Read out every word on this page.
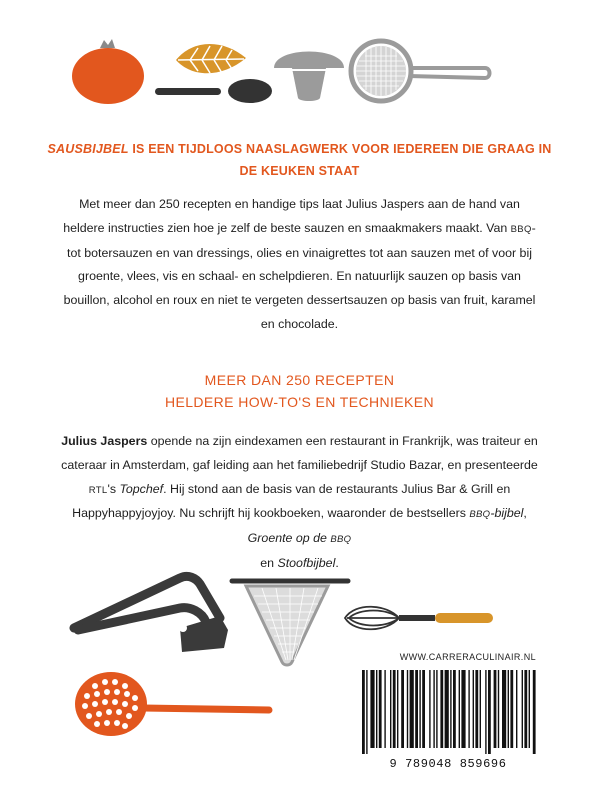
SAUSBIJBEL IS EEN TIJDLOOS NAASLAGWERK VOOR IEDEREEN DIE GRAAG IN DE KEUKEN STAAT
Met meer dan 250 recepten en handige tips laat Julius Jaspers aan de hand van heldere instructies zien hoe je zelf de beste sauzen en smaakmakers maakt. Van BBQ- tot botersauzen en van dressings, olies en vinaigrettes tot aan sauzen met of voor bij groente, vlees, vis en schaal- en schelpdieren. En natuurlijk sauzen op basis van bouillon, alcohol en roux en niet te vergeten dessertsauzen op basis van fruit, karamel en chocolade.
MEER DAN 250 RECEPTEN
HELDERE HOW-TO'S EN TECHNIEKEN
Julius Jaspers opende na zijn eindexamen een restaurant in Frankrijk, was traiteur en cateraar in Amsterdam, gaf leiding aan het familiebedrijf Studio Bazar, en presenteerde RTL's Topchef. Hij stond aan de basis van de restaurants Julius Bar & Grill en Happyhappyjoyjoy. Nu schrijft hij kookboeken, waaronder de bestsellers BBQ-bijbel, Groente op de BBQ
en Stoofbijbel.
WWW.CARRERACULINAIR.NL
9 789048 859696
